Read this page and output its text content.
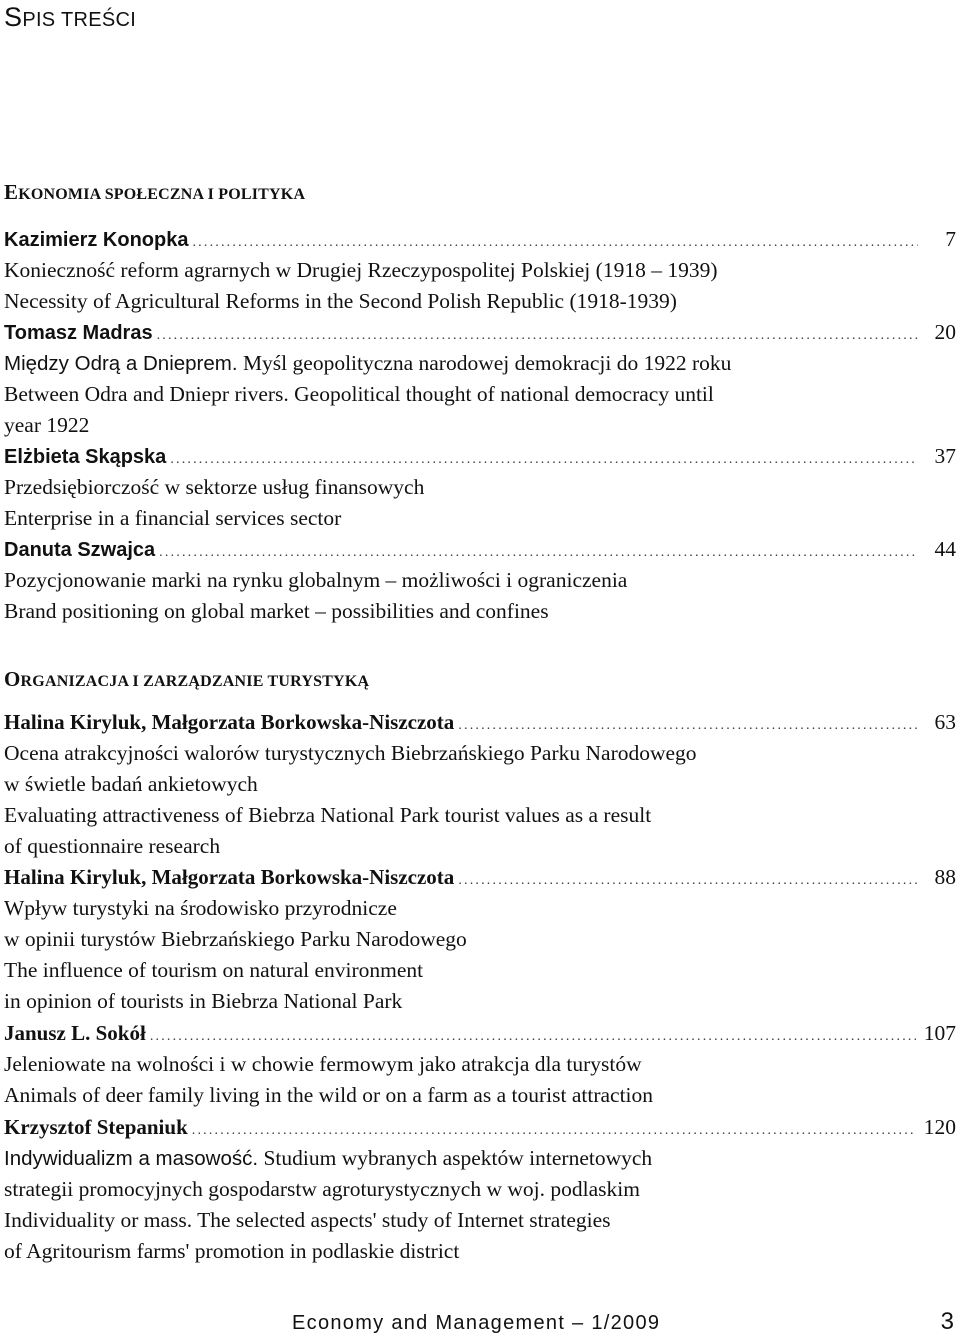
SPIS TREŚCI
EKONOMIA SPOŁECZNA I POLITYKA
Kazimierz Konopka .....	7
Konieczność reform agrarnych w Drugiej Rzeczypospolitej Polskiej (1918 – 1939)
Necessity of Agricultural Reforms in the Second Polish Republic (1918-1939)
Tomasz Madras .....	20
Między Odrą a Dnieprem. Myśl geopolityczna narodowej demokracji do 1922 roku
Between Odra and Dniepr rivers. Geopolitical thought of national democracy until
year 1922
Elżbieta Skąpska .....	37
Przedsiębiorczość w sektorze usług finansowych
Enterprise in a financial services sector
Danuta Szwajca .....	44
Pozycjonowanie marki na rynku globalnym – możliwości i ograniczenia
Brand positioning on global market – possibilities and confines
ORGANIZACJA I ZARZĄDZANIE TURYSTYKĄ
Halina Kiryluk, Małgorzata Borkowska-Niszczota .....	63
Ocena atrakcyjności walorów turystycznych Biebrzańskiego Parku Narodowego
w świetle badań ankietowych
Evaluating attractiveness of Biebrza National Park tourist values as a result
of questionnaire research
Halina Kiryluk, Małgorzata Borkowska-Niszczota .....	88
Wpływ turystyki na środowisko przyrodnicze
w opinii turystów Biebrzańskiego Parku Narodowego
The influence of tourism on natural environment
in opinion of tourists in Biebrza National Park
Janusz L. Sokół .....	107
Jeleniowate na wolności i w chowie fermowym jako atrakcja dla turystów
Animals of deer family living in the wild or on a farm as a tourist attraction
Krzysztof Stepaniuk .....	120
Indywidualizm a masowość. Studium wybranych aspektów internetowych
strategii promocyjnych gospodarstw agroturystycznych w woj. podlaskim
Individuality or mass. The selected aspects' study of Internet strategies
of Agritourism farms' promotion in podlaskie district
Economy and Management – 1/2009	3
